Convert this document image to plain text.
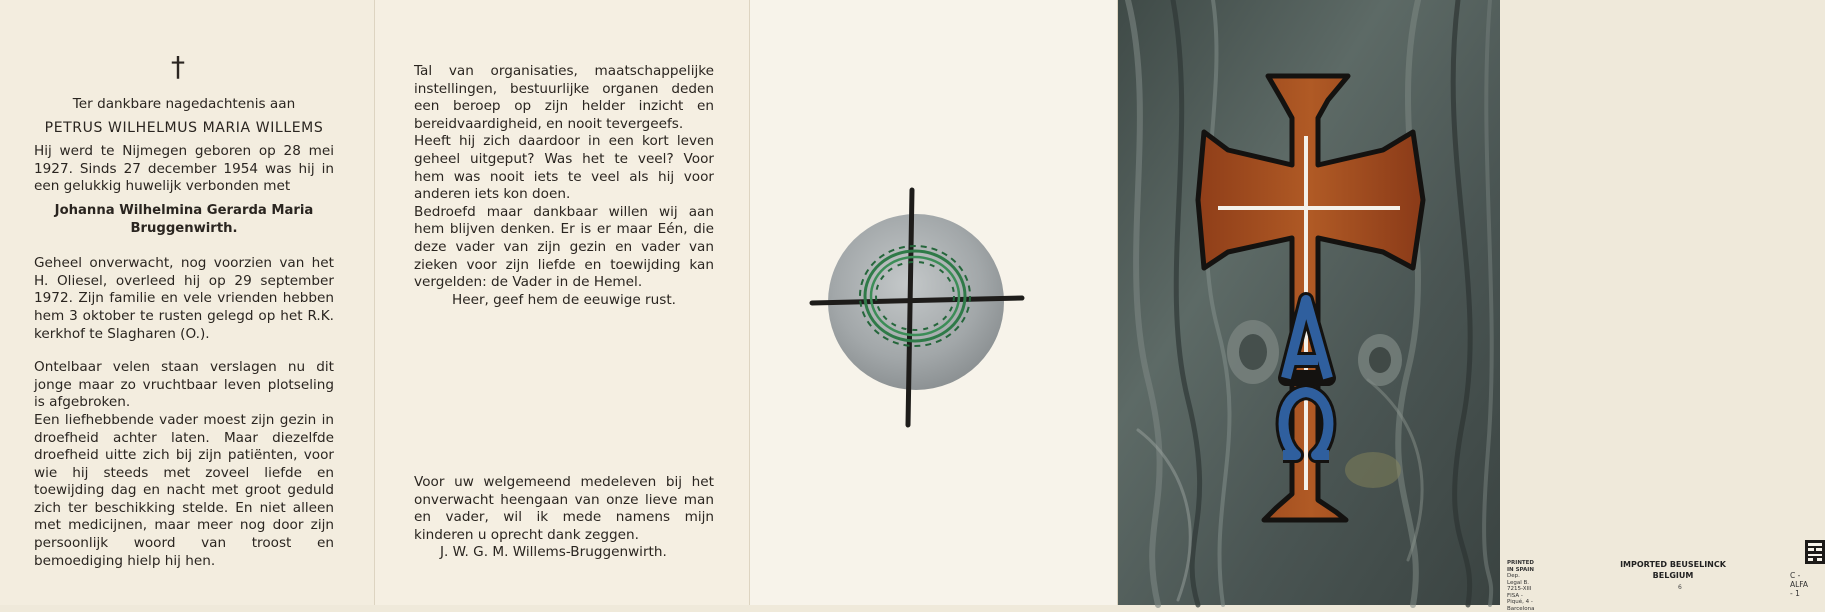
†

Ter dankbare nagedachtenis aan

PETRUS WILHELMUS MARIA WILLEMS

Hij werd te Nijmegen geboren op 28 mei 1927. Sinds 27 december 1954 was hij in een gelukkig huwelijk verbonden met

Johanna Wilhelmina Gerarda Maria Bruggenwirth.

Geheel onverwacht, nog voorzien van het H. Oliesel, overleed hij op 29 september 1972. Zijn familie en vele vrienden hebben hem 3 oktober te rusten gelegd op het R.K. kerkhof te Slagharen (O.).

Ontelbaar velen staan verslagen nu dit jonge maar zo vruchtbaar leven plotseling is afgebroken.

Een liefhebbende vader moest zijn gezin in droefheid achter laten. Maar diezelfde droefheid uitte zich bij zijn patiënten, voor wie hij steeds met zoveel liefde en toewijding dag en nacht met groot geduld zich ter beschikking stelde. En niet alleen met medicijnen, maar meer nog door zijn persoonlijk woord van troost en bemoediging hielp hij hen.

Tal van organisaties, maatschappelijke instellingen, bestuurlijke organen deden een beroep op zijn helder inzicht en bereidvaardigheid, en nooit tevergeefs.

Heeft hij zich daardoor in een kort leven geheel uitgeput? Was het te veel? Voor hem was nooit iets te veel als hij voor anderen iets kon doen.

Bedroefd maar dankbaar willen wij aan hem blijven denken. Er is er maar Eén, die deze vader van zijn gezin en vader van zieken voor zijn liefde en toewijding kan vergelden: de Vader in de Hemel.

Heer, geef hem de eeuwige rust.

Voor uw welgemeend medeleven bij het onverwacht heengaan van onze lieve man en vader, wil ik mede namens mijn kinderen u oprecht dank zeggen.

J. W. G. M. Willems-Bruggenwirth.

PRINTED IN SPAIN
Dep. Legal B. 7215-XIII
FISA - Piqué, 4 - Barcelona
IMPORTED BEUSELINCK
BELGIUM
6
C - ALFA - 1
